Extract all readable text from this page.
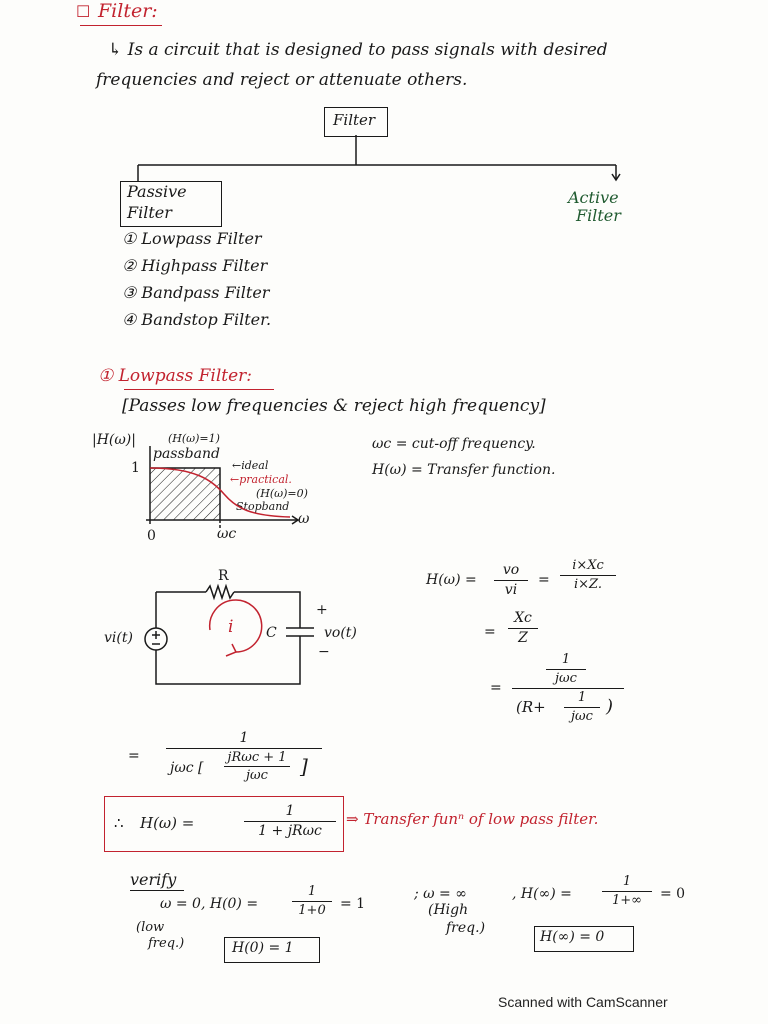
☐ Filter:
↳ Is a circuit that is designed to pass signals with desired
frequencies and reject or attenuate others.
Filter
Passive
Filter
Active
Filter
① Lowpass Filter
② Highpass Filter
③ Bandpass Filter
④ Bandstop Filter.
① Lowpass Filter:
[Passes low frequencies & reject high frequency]
ωc = cut-off frequency.
H(ω) = Transfer function.
|H(ω)|	(H(ω)=1)
passband
←ideal
←practical.
(H(ω)=0)
Stopband
1
0
ω
ωc
R
vi(t)
i C
+
−
vo(t)
H(ω) =
vo
vi
=
i×Xc
i×Z.
=
Xc
Z
=
1
jωc
(R+
1
jωc )
=
1
jωc [
jRωc + 1
jωc	]
∴ H(ω) =
1
1 + jRωc
⇒ Transfer funⁿ of low pass filter.
verify
ω = 0, H(0) =
1
1+0	= 1
(low
freq.)	H(0) = 1
; ω = ∞
(High
freq.)
, H(∞) =
1
1+∞	= 0
H(∞) = 0
Scanned with CamScanner
